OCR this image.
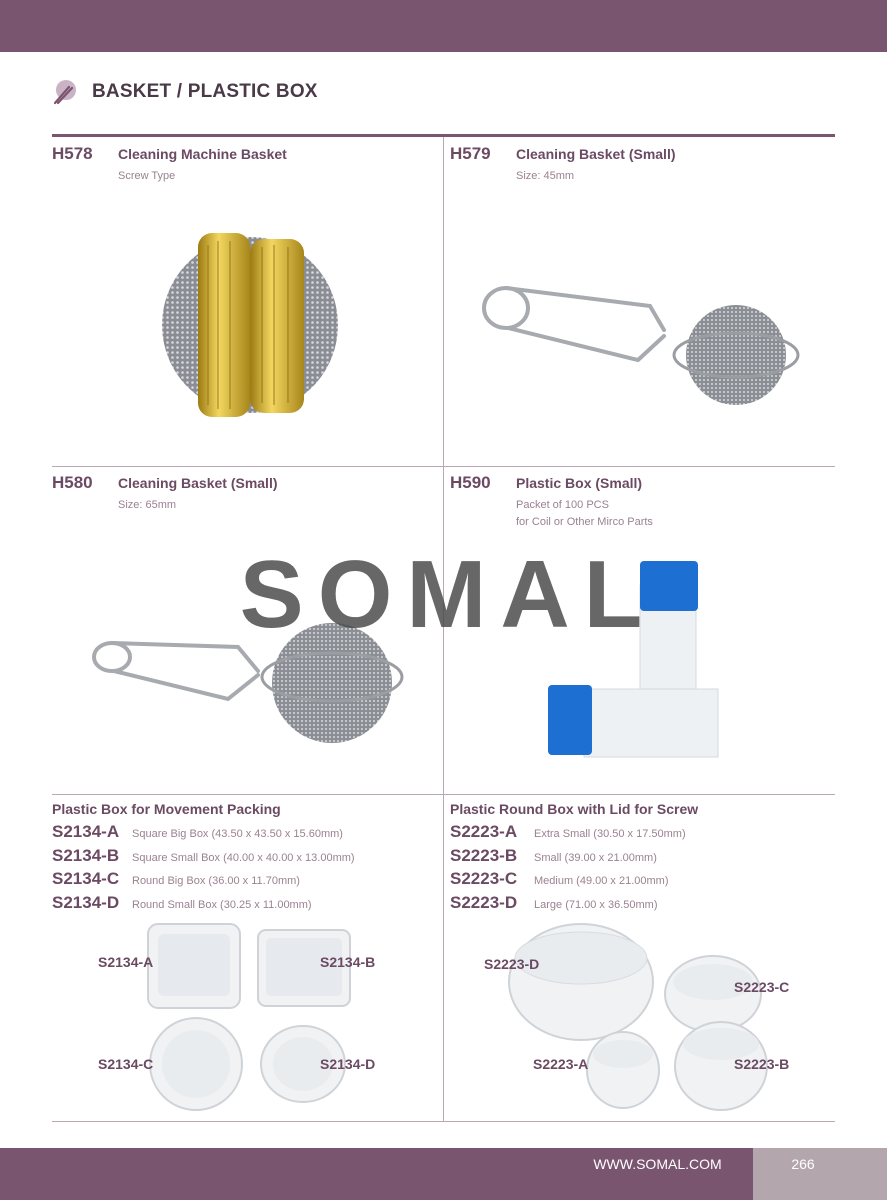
BASKET / PLASTIC BOX
H578	Cleaning Machine Basket
Screw Type
H579	Cleaning Basket (Small)
Size: 45mm
H580	Cleaning Basket (Small)
Size: 65mm
H590	Plastic Box (Small)
Packet of 100 PCS
for Coil or Other Mirco Parts
SOMAL
Plastic Box for Movement Packing
S2134-A	Square Big Box (43.50 x 43.50 x 15.60mm)
S2134-B	Square Small Box (40.00 x 40.00 x 13.00mm)
S2134-C	Round Big Box (36.00 x 11.70mm)
S2134-D	Round Small Box (30.25 x 11.00mm)
S2134-A	S2134-B
S2134-C	S2134-D
Plastic Round Box with Lid for Screw
S2223-A	Extra Small (30.50 x 17.50mm)
S2223-B	Small (39.00 x 21.00mm)
S2223-C	Medium (49.00 x 21.00mm)
S2223-D	Large (71.00 x 36.50mm)
S2223-D
S2223-C
S2223-A	S2223-B
WWW.SOMAL.COM	266
